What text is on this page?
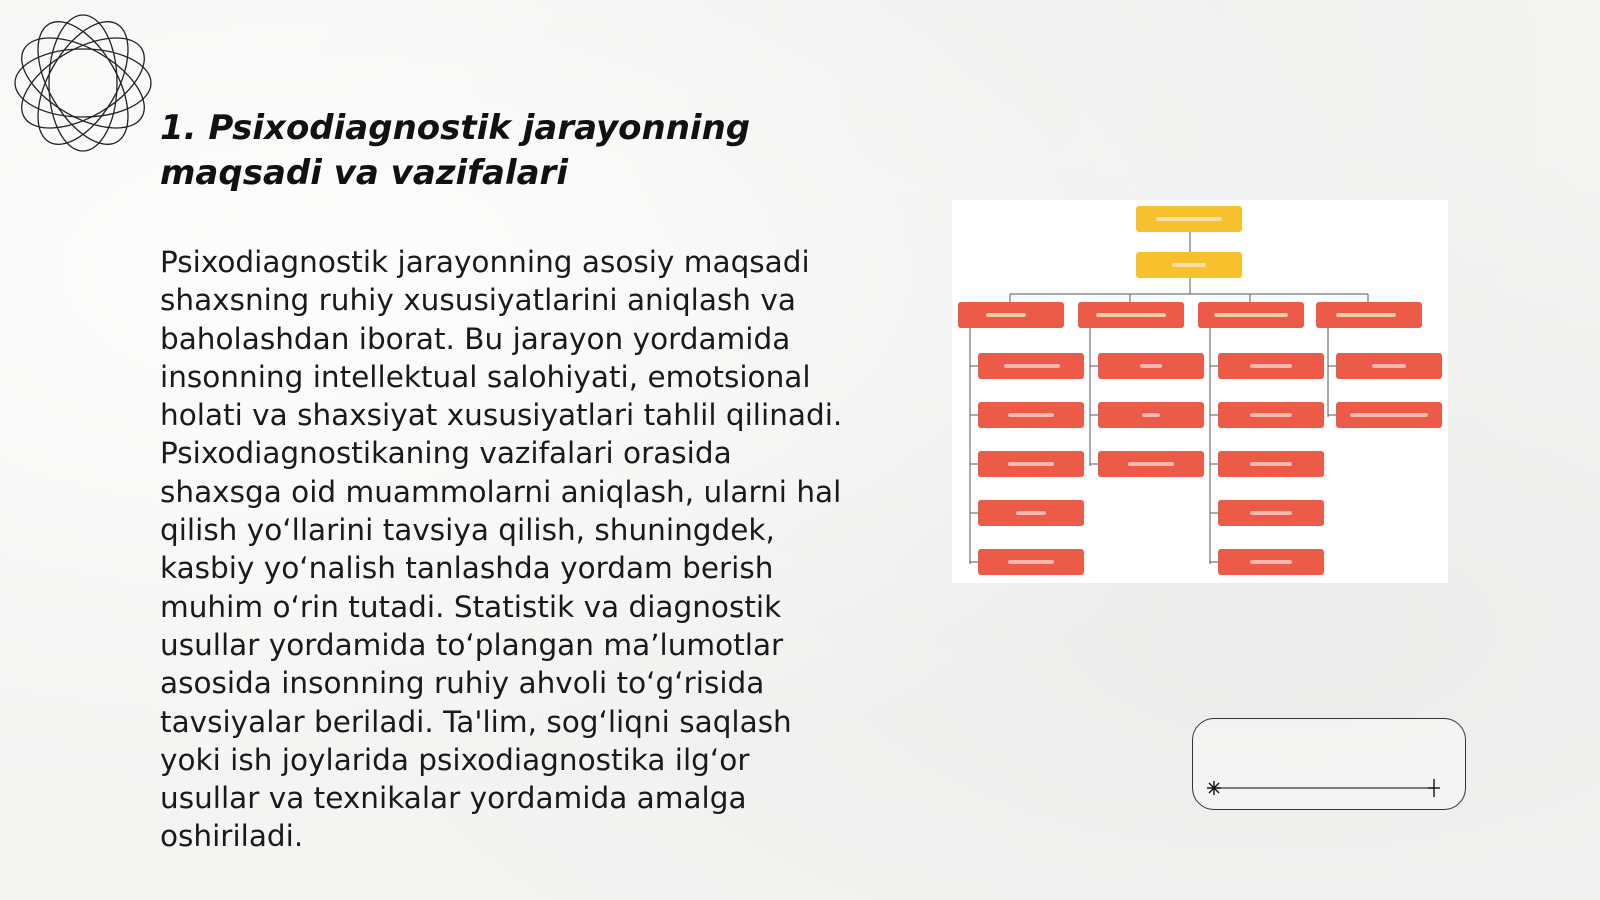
1. Psixodiagnostik jarayonning
maqsadi va vazifalari

Psixodiagnostik jarayonning asosiy maqsadi shaxsning ruhiy xususiyatlarini aniqlash va baholashdan iborat. Bu jarayon yordamida insonning intellektual salohiyati, emotsional holati va shaxsiyat xususiyatlari tahlil qilinadi. Psixodiagnostikaning vazifalari orasida shaxsga oid muammolarni aniqlash, ularni hal qilish yo‘llarini tavsiya qilish, shuningdek, kasbiy yo‘nalish tanlashda yordam berish muhim o‘rin tutadi. Statistik va diagnostik usullar yordamida to‘plangan ma’lumotlar asosida insonning ruhiy ahvoli to‘g‘risida tavsiyalar beriladi. Ta'lim, sog‘liqni saqlash yoki ish joylarida psixodiagnostika ilg‘or usullar va texnikalar yordamida amalga oshiriladi.
